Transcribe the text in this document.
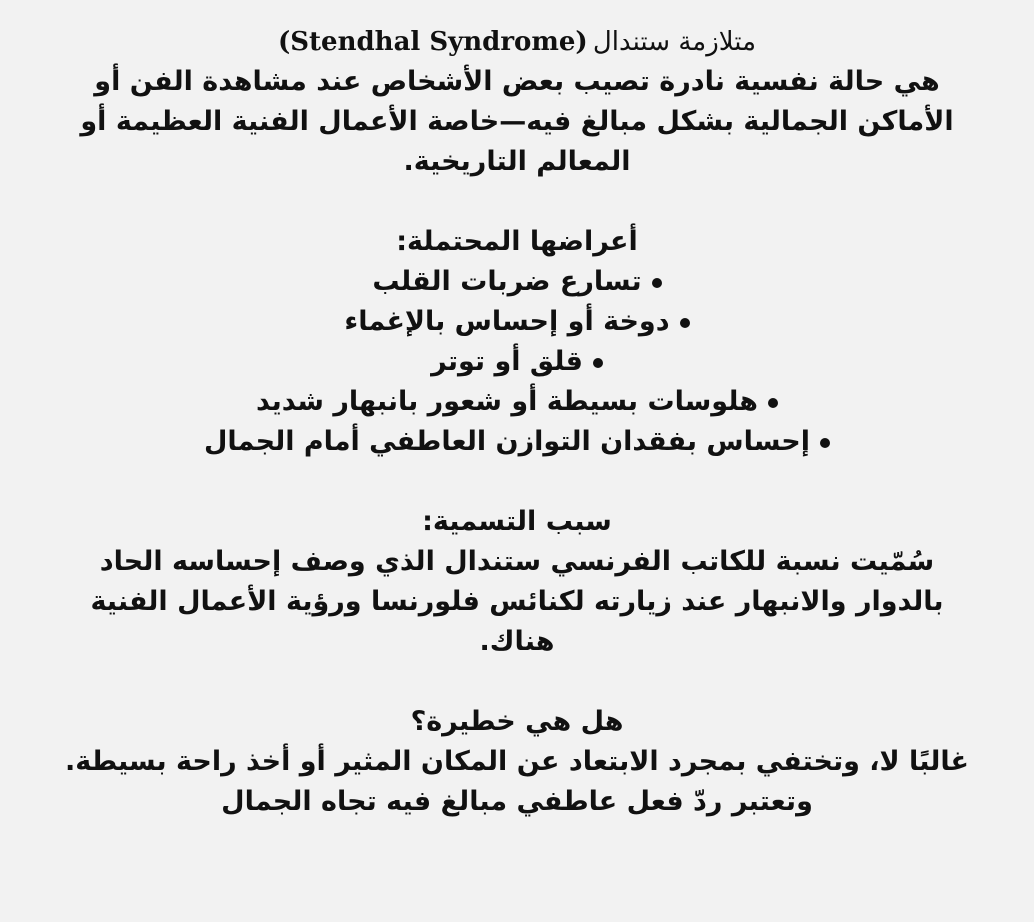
متلازمة ستندال (Stendhal Syndrome)
هي حالة نفسية نادرة تصيب بعض الأشخاص عند مشاهدة الفن أو
الأماكن الجمالية بشكل مبالغ فيه—خاصة الأعمال الفنية العظيمة أو
المعالم التاريخية.
أعراضها المحتملة:
تسارع ضربات القلب
دوخة أو إحساس بالإغماء
قلق أو توتر
هلوسات بسيطة أو شعور بانبهار شديد
إحساس بفقدان التوازن العاطفي أمام الجمال
سبب التسمية:
سُمّيت نسبة للكاتب الفرنسي ستندال الذي وصف إحساسه الحاد
بالدوار والانبهار عند زيارته لكنائس فلورنسا ورؤية الأعمال الفنية
هناك.
هل هي خطيرة؟
غالبًا لا، وتختفي بمجرد الابتعاد عن المكان المثير أو أخذ راحة بسيطة.
وتعتبر ردّ فعل عاطفي مبالغ فيه تجاه الجمال
